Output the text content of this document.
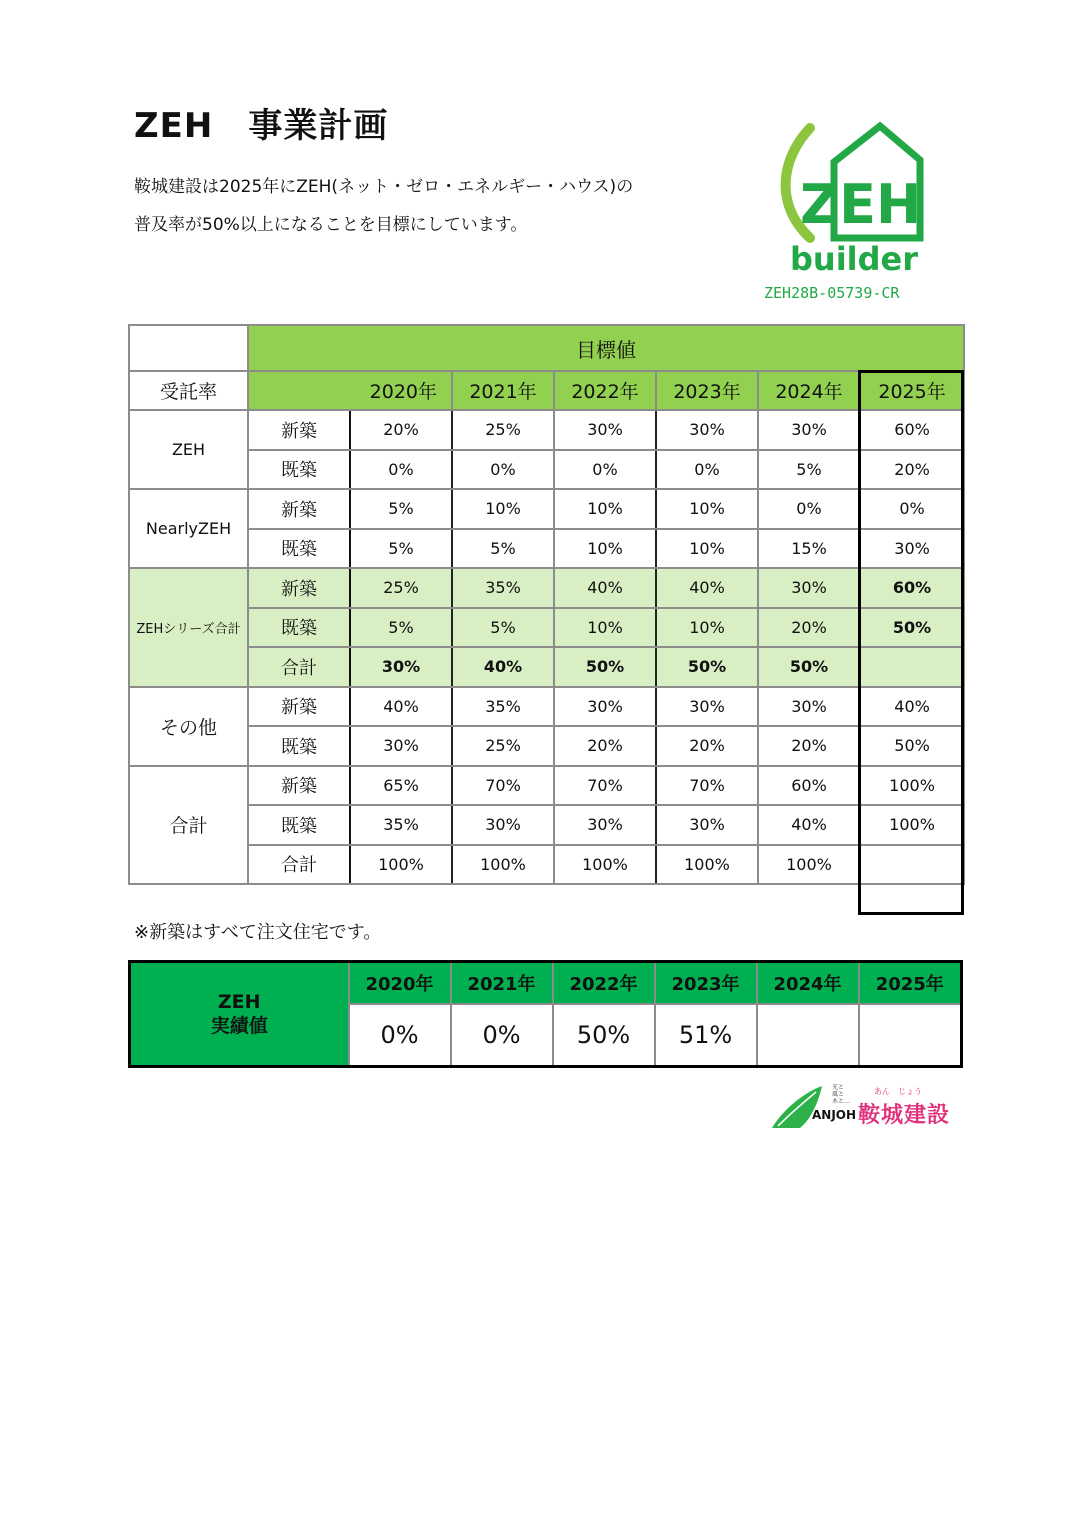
ZEH　事業計画
鞍城建設は2025年にZEH(ネット・ゼロ・エネルギー・ハウス)の
普及率が50%以上になることを目標にしています。	ZEH
builder
ZEH28B-05739-CR
	目標値						
受託率	2020年		2021年	2022年	2023年	2024年	2025年
ZEH	新築	20%	25%	30%	30%	30%	60%
	既築	0%	0%	0%	0%	5%	20%
NearlyZEH	新築	5%	10%	10%	10%	0%	0%
	既築	5%	5%	10%	10%	15%	30%
ZEHシリーズ合計	新築	25%	35%	40%	40%	30%	60%
	既築	5%	5%	10%	10%	20%	50%
	合計	30%	40%	50%	50%	50%	
その他	新築	40%	35%	30%	30%	30%	40%
	既築	30%	25%	20%	20%	20%	50%
合計	新築	65%	70%	70%	70%	60%	100%
	既築	35%	30%	30%	30%	40%	100%
	合計	100%	100%	100%	100%	100%	
※新築はすべて注文住宅です。
ZEH
実績値	2020年	2021年	2022年	2023年	2024年	2025年
	0%	0%	50%	51%		
光と
風と
木と…
ANJOH
あん　じょう
鞍城建設
